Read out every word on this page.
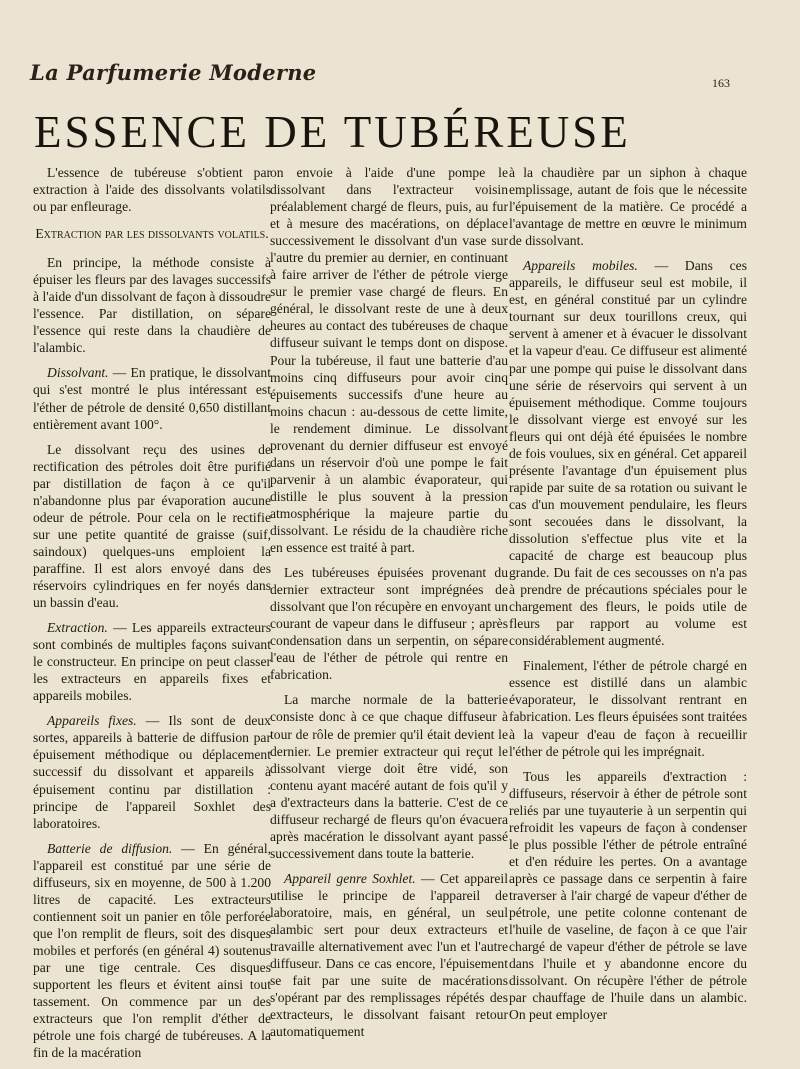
La Parfumerie Moderne	163
ESSENCE DE TUBÉREUSE

L'essence de tubéreuse s'obtient par extraction à l'aide des dissolvants volatils ou par enfleurage.

Extraction par les dissolvants volatils.

En principe, la méthode consiste à épuiser les fleurs par des lavages successifs à l'aide d'un dissolvant de façon à dissoudre l'essence. Par distillation, on sépare l'essence qui reste dans la chaudière de l'alambic.

Dissolvant. — En pratique, le dissolvant qui s'est montré le plus intéressant est l'éther de pétrole de densité 0,650 distillant entièrement avant 100°.

Le dissolvant reçu des usines de rectification des pétroles doit être purifié par distillation de façon à ce qu'il n'abandonne plus par évaporation aucune odeur de pétrole. Pour cela on le rectifie sur une petite quantité de graisse (suif, saindoux) quelques-uns emploient la paraffine. Il est alors envoyé dans des réservoirs cylindriques en fer noyés dans un bassin d'eau.

Extraction. — Les appareils extracteurs sont combinés de multiples façons suivant le constructeur. En principe on peut classer les extracteurs en appareils fixes et appareils mobiles.

Appareils fixes. — Ils sont de deux sortes, appareils à batterie de diffusion par épuisement méthodique ou déplacement successif du dissolvant et appareils à épuisement continu par distillation : principe de l'appareil Soxhlet des laboratoires.

Batterie de diffusion. — En général, l'appareil est constitué par une série de diffuseurs, six en moyenne, de 500 à 1.200 litres de capacité. Les extracteurs contiennent soit un panier en tôle perforée que l'on remplit de fleurs, soit des disques mobiles et perforés (en général 4) soutenus par une tige centrale. Ces disques supportent les fleurs et évitent ainsi tout tassement. On commence par un des extracteurs que l'on remplit d'éther de pétrole une fois chargé de tubéreuses. A la fin de la macération

on envoie à l'aide d'une pompe le dissolvant dans l'extracteur voisin préalablement chargé de fleurs, puis, au fur et à mesure des macérations, on déplace successivement le dissolvant d'un vase sur l'autre du premier au dernier, en continuant à faire arriver de l'éther de pétrole vierge sur le premier vase chargé de fleurs. En général, le dissolvant reste de une à deux heures au contact des tubéreuses de chaque diffuseur suivant le temps dont on dispose. Pour la tubéreuse, il faut une batterie d'au moins cinq diffuseurs pour avoir cinq épuisements successifs d'une heure au moins chacun : au-dessous de cette limite, le rendement diminue. Le dissolvant provenant du dernier diffuseur est envoyé dans un réservoir d'où une pompe le fait parvenir à un alambic évaporateur, qui distille le plus souvent à la pression atmosphérique la majeure partie du dissolvant. Le résidu de la chaudière riche en essence est traité à part.

Les tubéreuses épuisées provenant du dernier extracteur sont imprégnées de dissolvant que l'on récupère en envoyant un courant de vapeur dans le diffuseur ; après condensation dans un serpentin, on sépare l'eau de l'éther de pétrole qui rentre en fabrication.

La marche normale de la batterie consiste donc à ce que chaque diffuseur à tour de rôle de premier qu'il était devient le dernier. Le premier extracteur qui reçut le dissolvant vierge doit être vidé, son contenu ayant macéré autant de fois qu'il y a d'extracteurs dans la batterie. C'est de ce diffuseur rechargé de fleurs qu'on évacuera après macération le dissolvant ayant passé successivement dans toute la batterie.

Appareil genre Soxhlet. — Cet appareil utilise le principe de l'appareil de laboratoire, mais, en général, un seul alambic sert pour deux extracteurs et travaille alternativement avec l'un et l'autre diffuseur. Dans ce cas encore, l'épuisement se fait par une suite de macérations s'opérant par des remplissages répétés des extracteurs, le dissolvant faisant retour automatiquement

à la chaudière par un siphon à chaque emplissage, autant de fois que le nécessite l'épuisement de la matière. Ce procédé a l'avantage de mettre en œuvre le minimum de dissolvant.

Appareils mobiles. — Dans ces appareils, le diffuseur seul est mobile, il est, en général constitué par un cylindre tournant sur deux tourillons creux, qui servent à amener et à évacuer le dissolvant et la vapeur d'eau. Ce diffuseur est alimenté par une pompe qui puise le dissolvant dans une série de réservoirs qui servent à un épuisement méthodique. Comme toujours le dissolvant vierge est envoyé sur les fleurs qui ont déjà été épuisées le nombre de fois voulues, six en général. Cet appareil présente l'avantage d'un épuisement plus rapide par suite de sa rotation ou suivant le cas d'un mouvement pendulaire, les fleurs sont secouées dans le dissolvant, la dissolution s'effectue plus vite et la capacité de charge est beaucoup plus grande. Du fait de ces secousses on n'a pas à prendre de précautions spéciales pour le chargement des fleurs, le poids utile de fleurs par rapport au volume est considérablement augmenté.

Finalement, l'éther de pétrole chargé en essence est distillé dans un alambic évaporateur, le dissolvant rentrant en fabrication. Les fleurs épuisées sont traitées à la vapeur d'eau de façon à recueillir l'éther de pétrole qui les imprégnait.

Tous les appareils d'extraction : diffuseurs, réservoir à éther de pétrole sont reliés par une tuyauterie à un serpentin qui refroidit les vapeurs de façon à condenser le plus possible l'éther de pétrole entraîné et d'en réduire les pertes. On a avantage après ce passage dans ce serpentin à faire traverser à l'air chargé de vapeur d'éther de pétrole, une petite colonne contenant de l'huile de vaseline, de façon à ce que l'air chargé de vapeur d'éther de pétrole se lave dans l'huile et y abandonne encore du dissolvant. On récupère l'éther de pétrole par chauffage de l'huile dans un alambic. On peut employer
